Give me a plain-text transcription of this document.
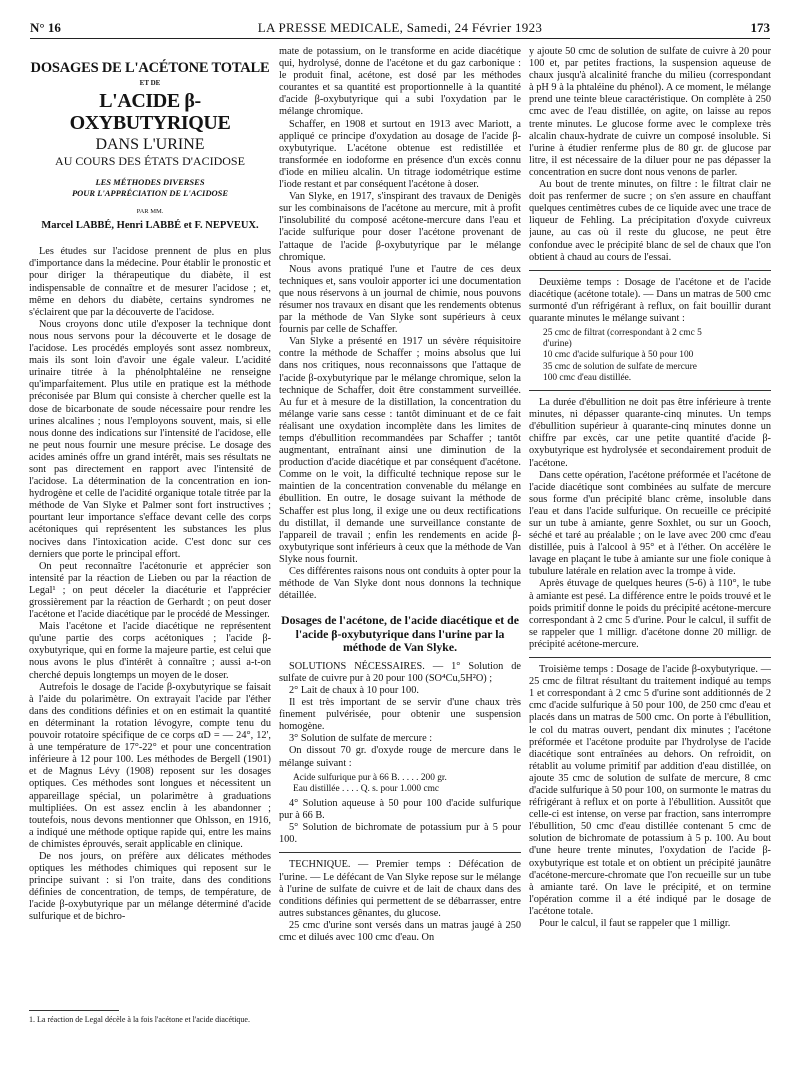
N° 16	LA PRESSE MEDICALE, Samedi, 24 Février 1923	173
DOSAGES DE L'ACÉTONE TOTALE
ET DE
L'ACIDE β-OXYBUTYRIQUE
DANS L'URINE
AU COURS DES ÉTATS D'ACIDOSE
LES MÉTHODES DIVERSES
POUR L'APPRÉCIATION DE L'ACIDOSE
PAR MM.
Marcel LABBÉ, Henri LABBÉ et F. NEPVEUX.

Les études sur l'acidose prennent de plus en plus d'importance dans la médecine. Pour établir le pronostic et pour diriger la thérapeutique du diabète, il est indispensable de connaître et de mesurer l'acidose ; et, même en dehors du diabète, certains syndromes ne s'éclairent que par la découverte de l'acidose.

Nous croyons donc utile d'exposer la technique dont nous nous servons pour la découverte et le dosage de l'acidose. Les procédés employés sont assez nombreux, mais ils sont loin d'avoir une égale valeur. L'acidité urinaire titrée à la phénolphtaléine ne renseigne qu'imparfaitement. Plus utile en pratique est la méthode préconisée par Blum qui consiste à chercher quelle est la dose de bicarbonate de soude nécessaire pour rendre les urines alcalines ; nous l'employons souvent, mais, si elle nous donne des indications sur l'intensité de l'acidose, elle ne peut nous fournir une mesure précise. Le dosage des acides aminés offre un grand intérêt, mais ses résultats ne sont pas directement en rapport avec l'intensité de l'acidose. La détermination de la concentration en ion-hydrogène et celle de l'acidité organique totale titrée par la méthode de Van Slyke et Palmer sont fort instructives ; pourtant leur importance s'efface devant celle des corps acétoniques qui représentent les substances les plus nocives dans l'intoxication acide. C'est donc sur ces derniers que porte le principal effort.

On peut reconnaître l'acétonurie et apprécier son intensité par la réaction de Lieben ou par la réaction de Legal¹ ; on peut déceler la diacéturie et l'apprécier grossièrement par la réaction de Gerhardt ; on peut doser l'acétone et l'acide diacétique par le procédé de Messinger.

Mais l'acétone et l'acide diacétique ne représentent qu'une partie des corps acétoniques ; l'acide β-oxybutyrique, qui en forme la majeure partie, est celui que nous avons le plus d'intérêt à connaître ; aussi a-t-on cherché depuis longtemps un moyen de le doser.

Autrefois le dosage de l'acide β-oxybutyrique se faisait à l'aide du polarimètre. On extrayait l'acide par l'éther dans des conditions définies et on en estimait la quantité en déterminant la rotation lévogyre, compte tenu du pouvoir rotatoire spécifique de ce corps αD = — 24°, 12', à une température de 17°-22° et pour une concentration inférieure à 12 pour 100. Les méthodes de Bergell (1901) et de Magnus Lévy (1908) reposent sur les dosages optiques. Ces méthodes sont longues et nécessitent un appareillage spécial, un polarimètre à graduations multipliées. On est assez enclin à les abandonner ; toutefois, nous devons mentionner que Ohlsson, en 1916, a indiqué une méthode optique rapide qui, entre les mains de chimistes éprouvés, serait applicable en clinique.

De nos jours, on préfère aux délicates méthodes optiques les méthodes chimiques qui reposent sur le principe suivant : si l'on traite, dans des conditions définies de concentration, de temps, de température, de l'acide β-oxybutyrique par un mélange déterminé d'acide sulfurique et de bichro-

1. La réaction de Legal décèle à la fois l'acétone et l'acide diacétique.

mate de potassium, on le transforme en acide diacétique qui, hydrolysé, donne de l'acétone et du gaz carbonique : le produit final, acétone, est dosé par les méthodes courantes et sa quantité est proportionnelle à la quantité d'acide β-oxybutyrique qui a subi l'oxydation par le mélange chromique.

Schaffer, en 1908 et surtout en 1913 avec Mariott, a appliqué ce principe d'oxydation au dosage de l'acide β-oxybutyrique. L'acétone obtenue est redistillée et transformée en iodoforme en présence d'un excès connu d'iode en milieu alcalin. Un titrage iodométrique estime l'iode restant et par conséquent l'acétone à doser.

Van Slyke, en 1917, s'inspirant des travaux de Denigès sur les combinaisons de l'acétone au mercure, mit à profit l'insolubilité du composé acétone-mercure dans l'eau et l'acide sulfurique pour doser l'acétone provenant de l'attaque de l'acide β-oxybutyrique par le mélange chromique.

Nous avons pratiqué l'une et l'autre de ces deux techniques et, sans vouloir apporter ici une documentation que nous réservons à un journal de chimie, nous pouvons résumer nos travaux en disant que les rendements obtenus par la méthode de Van Slyke sont supérieurs à ceux fournis par celle de Schaffer.

Van Slyke a présenté en 1917 un sévère réquisitoire contre la méthode de Schaffer ; moins absolus que lui dans nos critiques, nous reconnaissons que l'attaque de l'acide β-oxybutyrique par le mélange chromique, selon la technique de Schaffer, doit être constamment surveillée. Au fur et à mesure de la distillation, la concentration du mélange varie sans cesse : tantôt diminuant et de ce fait réalisant une oxydation incomplète dans les limites de temps d'ébullition recommandées par Schaffer ; tantôt augmentant, entraînant ainsi une diminution de la production d'acide diacétique et par conséquent d'acétone. Comme on le voit, la difficulté technique repose sur le maintien de la concentration convenable du mélange en ébullition. En outre, le dosage suivant la méthode de Schaffer est plus long, il exige une ou deux rectifications du distillat, il demande une surveillance constante de l'appareil de travail ; enfin les rendements en acide β-oxybutyrique sont inférieurs à ceux que la méthode de Van Slyke nous fournit.

Ces différentes raisons nous ont conduits à opter pour la méthode de Van Slyke dont nous donnons la technique détaillée.

Dosages de l'acétone, de l'acide diacétique et de l'acide β-oxybutyrique dans l'urine par la méthode de Van Slyke.

SOLUTIONS NÉCESSAIRES. — 1° Solution de sulfate de cuivre pur à 20 pour 100 (SO⁴Cu,5H²O) ;

2° Lait de chaux à 10 pour 100.

Il est très important de se servir d'une chaux très finement pulvérisée, pour obtenir une suspension homogène.

3° Solution de sulfate de mercure :

On dissout 70 gr. d'oxyde rouge de mercure dans le mélange suivant :

Acide sulfurique pur à 66 B. . . . . 200 gr.
Eau distillée . . . . Q. s. pour 1.000 cmc

4° Solution aqueuse à 50 pour 100 d'acide sulfurique pur à 66 B.

5° Solution de bichromate de potassium pur à 5 pour 100.

TECHNIQUE. — Premier temps : Défécation de l'urine. — Le défécant de Van Slyke repose sur le mélange à l'urine de sulfate de cuivre et de lait de chaux dans des conditions définies qui permettent de se débarrasser, entre autres substances gênantes, du glucose.

25 cmc d'urine sont versés dans un matras jaugé à 250 cmc et dilués avec 100 cmc d'eau. On

y ajoute 50 cmc de solution de sulfate de cuivre à 20 pour 100 et, par petites fractions, la suspension aqueuse de chaux jusqu'à alcalinité franche du milieu (correspondant à pH 9 à la phtaléine du phénol). A ce moment, le mélange prend une teinte bleue caractéristique. On complète à 250 cmc avec de l'eau distillée, on agite, on laisse au repos trente minutes. Le glucose forme avec le complexe très alcalin chaux-hydrate de cuivre un composé insoluble. Si l'urine à étudier renferme plus de 80 gr. de glucose par litre, il est nécessaire de la diluer pour ne pas dépasser la concentration en sucre dont nous venons de parler.

Au bout de trente minutes, on filtre : le filtrat clair ne doit pas renfermer de sucre ; on s'en assure en chauffant quelques centimètres cubes de ce liquide avec une trace de liqueur de Fehling. La précipitation d'oxyde cuivreux jaune, au cas où il reste du glucose, ne peut être confondue avec le précipité blanc de sel de chaux que l'on obtient à chaud au cours de l'essai.

Deuxième temps : Dosage de l'acétone et de l'acide diacétique (acétone totale). — Dans un matras de 500 cmc surmonté d'un réfrigérant à reflux, on fait bouillir durant quarante minutes le mélange suivant :

25 cmc de filtrat (correspondant à 2 cmc 5
d'urine)
10 cmc d'acide sulfurique à 50 pour 100
35 cmc de solution de sulfate de mercure
100 cmc d'eau distillée.

La durée d'ébullition ne doit pas être inférieure à trente minutes, ni dépasser quarante-cinq minutes. Un temps d'ébullition supérieur à quarante-cinq minutes donne un chiffre par excès, car une petite quantité d'acide β-oxybutyrique est hydrolysée et secondairement produit de l'acétone.

Dans cette opération, l'acétone préformée et l'acétone de l'acide diacétique sont combinées au sulfate de mercure sous forme d'un précipité blanc crème, insoluble dans l'eau et dans l'acide sulfurique. On recueille ce précipité sur un tube à amiante, genre Soxhlet, ou sur un Gooch, séché et taré au préalable ; on le lave avec 200 cmc d'eau distillée, puis à l'alcool à 95° et à l'éther. On accélère le lavage en plaçant le tube à amiante sur une fiole conique à tubulure latérale en relation avec la trompe à vide.

Après étuvage de quelques heures (5-6) à 110°, le tube à amiante est pesé. La différence entre le poids trouvé et le poids primitif donne le poids du précipité acétone-mercure correspondant à 2 cmc 5 d'urine. Pour le calcul, il suffit de se rappeler que 1 milligr. d'acétone donne 20 milligr. de précipité acétone-mercure.

Troisième temps : Dosage de l'acide β-oxybutyrique. — 25 cmc de filtrat résultant du traitement indiqué au temps 1 et correspondant à 2 cmc 5 d'urine sont additionnés de 2 cmc d'acide sulfurique à 50 pour 100, de 250 cmc d'eau et placés dans un matras de 500 cmc. On porte à l'ébullition, le col du matras ouvert, pendant dix minutes ; l'acétone préformée et l'acétone produite par l'hydrolyse de l'acide diacétique sont entraînées au dehors. On refroidit, on rétablit au volume primitif par addition d'eau distillée, on ajoute 35 cmc de solution de sulfate de mercure, 8 cmc d'acide sulfurique à 50 pour 100, on surmonte le matras du réfrigérant à reflux et on porte à l'ébullition. Aussitôt que celle-ci est intense, on verse par fraction, sans interrompre l'ébullition, 50 cmc d'eau distillée contenant 5 cmc de solution de bichromate de potassium à 5 p. 100. Au bout d'une heure trente minutes, l'oxydation de l'acide β-oxybutyrique est totale et on obtient un précipité jaunâtre d'acétone-mercure-chromate que l'on recueille sur un tube à amiante taré. On lave le précipité, et on termine l'opération comme il a été indiqué par le dosage de l'acétone totale.

Pour le calcul, il faut se rappeler que 1 milligr.
